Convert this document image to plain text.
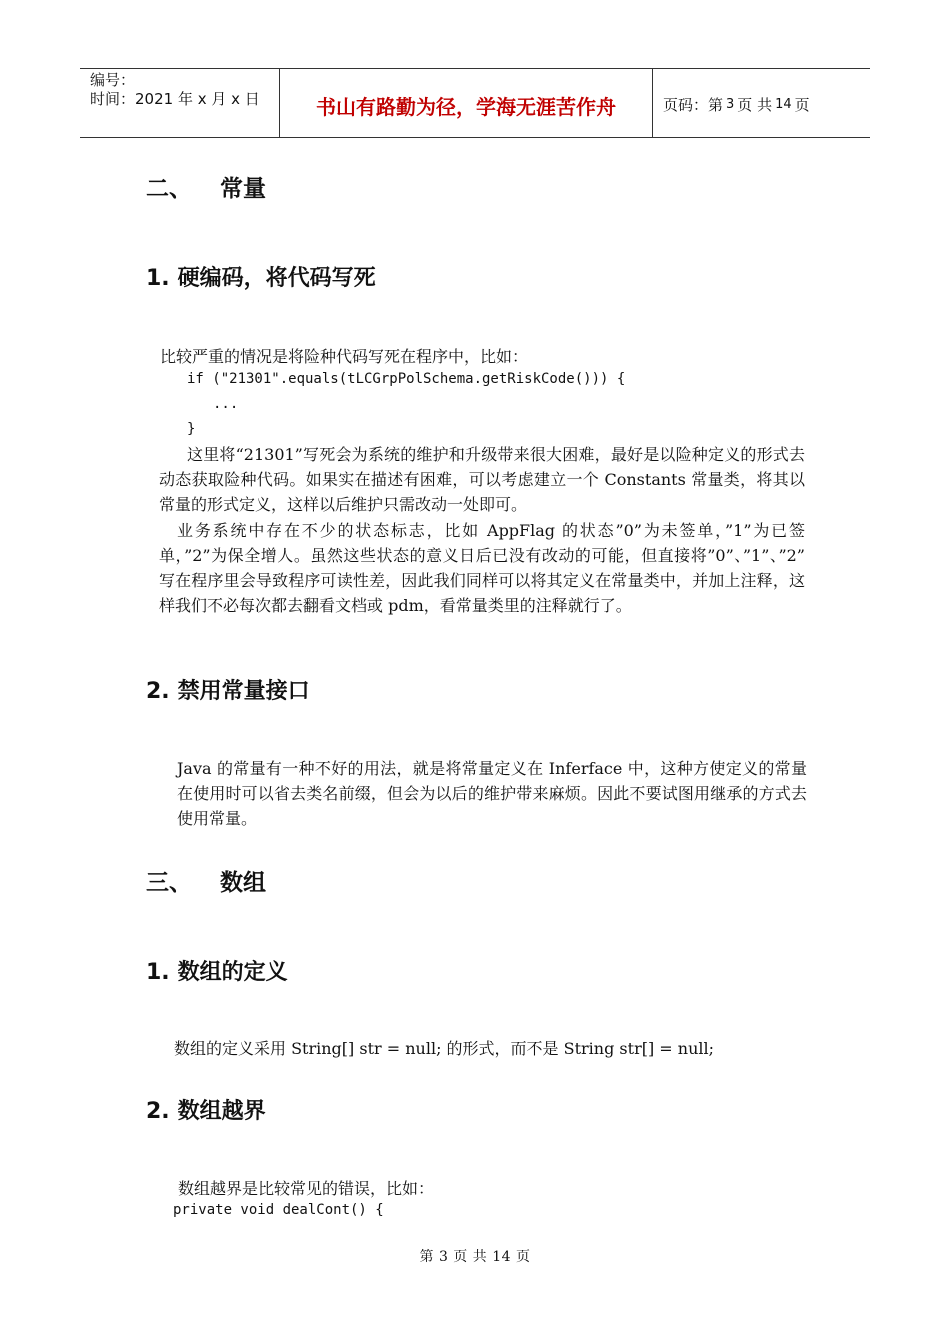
编号：
时间：2021 年 x 月 x 日	书山有路勤为径，学海无涯苦作舟	页码：第 3 页 共 14 页
二、 常量
1. 硬编码，将代码写死

比较严重的情况是将险种代码写死在程序中，比如：

if ("21301".equals(tLCGrpPolSchema.getRiskCode())) {
...
}

这里将“21301”写死会为系统的维护和升级带来很大困难，最好是以险种定义的形式去动态获取险种代码。如果实在描述有困难，可以考虑建立一个 Constants 常量类，将其以常量的形式定义，这样以后维护只需改动一处即可。

业务系统中存在不少的状态标志，比如 AppFlag 的状态”0”为未签单，”1”为已签单，”2”为保全增人。虽然这些状态的意义日后已没有改动的可能，但直接将”0”、”1”、”2” 写在程序里会导致程序可读性差，因此我们同样可以将其定义在常量类中，并加上注释，这样我们不必每次都去翻看文档或 pdm，看常量类里的注释就行了。

2. 禁用常量接口

Java 的常量有一种不好的用法，就是将常量定义在 Inferface 中，这种方使定义的常量在使用时可以省去类名前缀，但会为以后的维护带来麻烦。因此不要试图用继承的方式去使用常量。

三、 数组
1. 数组的定义

数组的定义采用 String[] str = null; 的形式，而不是 String str[] = null;

2. 数组越界

数组越界是比较常见的错误，比如：

private void dealCont() {
第 3 页 共 14 页
